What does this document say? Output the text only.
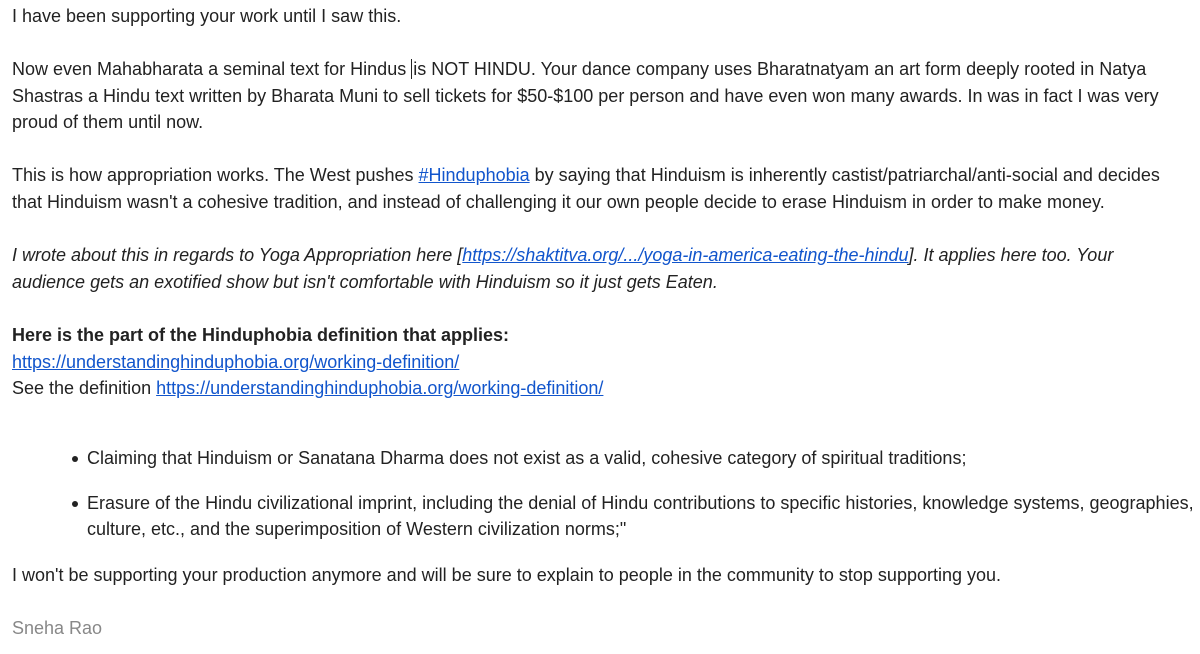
I have been supporting your work until I saw this.

Now even Mahabharata a seminal text for Hindus is NOT HINDU. Your dance company uses Bharatnatyam an art form deeply rooted in Natya Shastras a Hindu text written by Bharata Muni to sell tickets for $50-$100 per person and have even won many awards. In was in fact I was very proud of them until now.

This is how appropriation works. The West pushes #Hinduphobia by saying that Hinduism is inherently castist/patriarchal/anti-social and decides that Hinduism wasn't a cohesive tradition, and instead of challenging it our own people decide to erase Hinduism in order to make money.

I wrote about this in regards to Yoga Appropriation here [https://shaktitva.org/.../yoga-in-america-eating-the-hindu]. It applies here too. Your audience gets an exotified show but isn't comfortable with Hinduism so it just gets Eaten.

Here is the part of the Hinduphobia definition that applies:
https://understandinghinduphobia.org/working-definition/
See the definition https://understandinghinduphobia.org/working-definition/

Claiming that Hinduism or Sanatana Dharma does not exist as a valid, cohesive category of spiritual traditions;
Erasure of the Hindu civilizational imprint, including the denial of Hindu contributions to specific histories, knowledge systems, geographies, culture, etc., and the superimposition of Western civilization norms;"

I won't be supporting your production anymore and will be sure to explain to people in the community to stop supporting you.

Sneha Rao
